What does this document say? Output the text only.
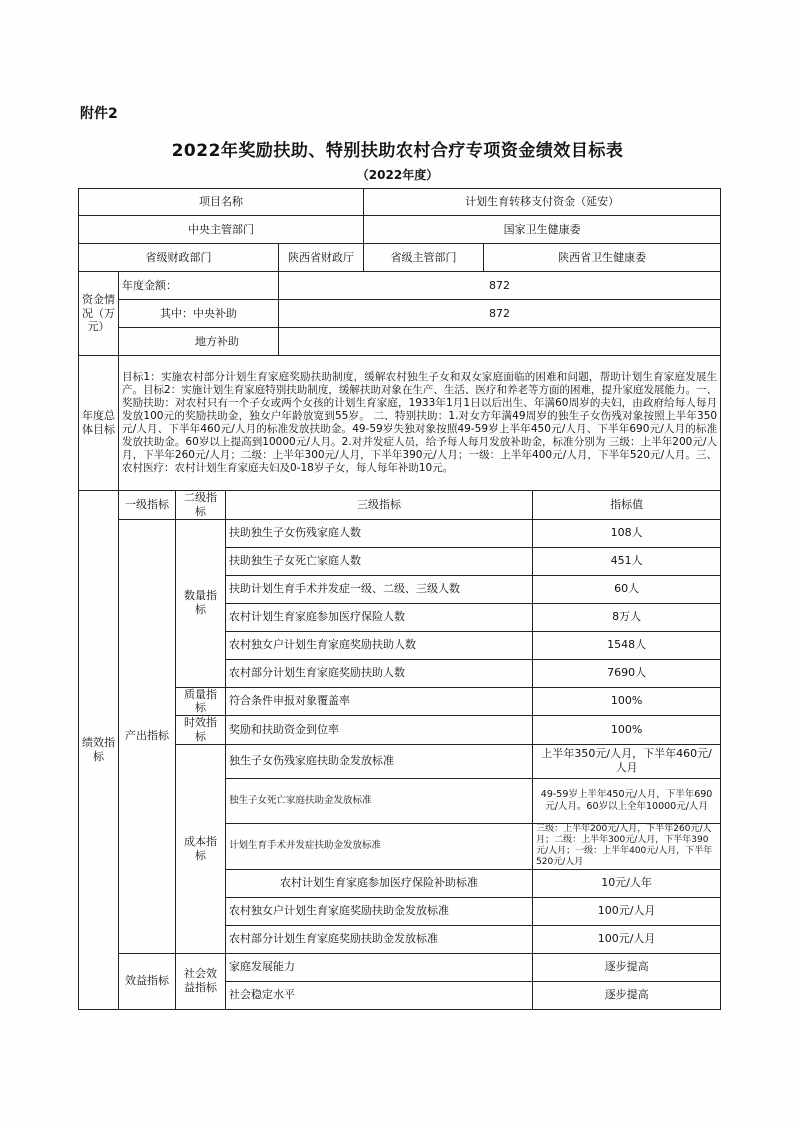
附件2
2022年奖励扶助、特别扶助农村合疗专项资金绩效目标表
（2022年度）
项目名称					计划生育转移支付资金（延安）		
中央主管部门					国家卫生健康委		
省级财政部门				陕西省财政厅	省级主管部门	陕西省卫生健康委	
资金情况（万元）	年度金额：			872			
	其中：中央补助			872			
	地方补助						
年度总体目标	目标1：实施农村部分计划生育家庭奖励扶助制度，缓解农村独生子女和双女家庭面临的困难和问题，帮助计划生育家庭发展生产。目标2：实施计划生育家庭特别扶助制度，缓解扶助对象在生产、生活、医疗和养老等方面的困难，提升家庭发展能力。一、奖励扶助：对农村只有一个子女或两个女孩的计划生育家庭，1933年1月1日以后出生、年满60周岁的夫妇，由政府给每人每月发放100元的奖励扶助金，独女户年龄放宽到55岁。 二、特别扶助：1.对女方年满49周岁的独生子女伤残对象按照上半年350元/人月、下半年460元/人月的标准发放扶助金。49-59岁失独对象按照49-59岁上半年450元/人月、下半年690元/人月的标准发放扶助金。60岁以上提高到10000元/人月。2.对并发症人员，给予每人每月发放补助金，标准分别为 三级：上半年200元/人月，下半年260元/人月；二级：上半年300元/人月，下半年390元/人月；一级：上半年400元/人月，下半年520元/人月。三、农村医疗：农村计划生育家庭夫妇及0-18岁子女，每人每年补助10元。						
绩效指标	一级指标	二级指标	三级指标				指标值
	产出指标	数量指标	扶助独生子女伤残家庭人数				108人
			扶助独生子女死亡家庭人数				451人
			扶助计划生育手术并发症一级、二级、三级人数				60人
			农村计划生育家庭参加医疗保险人数				8万人
			农村独女户计划生育家庭奖励扶助人数				1548人
			农村部分计划生育家庭奖励扶助人数				7690人
		质量指标	符合条件申报对象覆盖率				100%
		时效指标	奖励和扶助资金到位率				100%
		成本指标	独生子女伤残家庭扶助金发放标准				上半年350元/人月，下半年460元/人月
			独生子女死亡家庭扶助金发放标准				49-59岁上半年450元/人月，下半年690元/人月。60岁以上全年10000元/人月
			计划生育手术并发症扶助金发放标准				三级：上半年200元/人月，下半年260元/人月；二级：上半年300元/人月，下半年390元/人月；一级：上半年400元/人月，下半年520元/人月
			农村计划生育家庭参加医疗保险补助标准				10元/人年
			农村独女户计划生育家庭奖励扶助金发放标准				100元/人月
			农村部分计划生育家庭奖励扶助金发放标准				100元/人月
	效益指标	社会效益指标	家庭发展能力				逐步提高
			社会稳定水平				逐步提高
